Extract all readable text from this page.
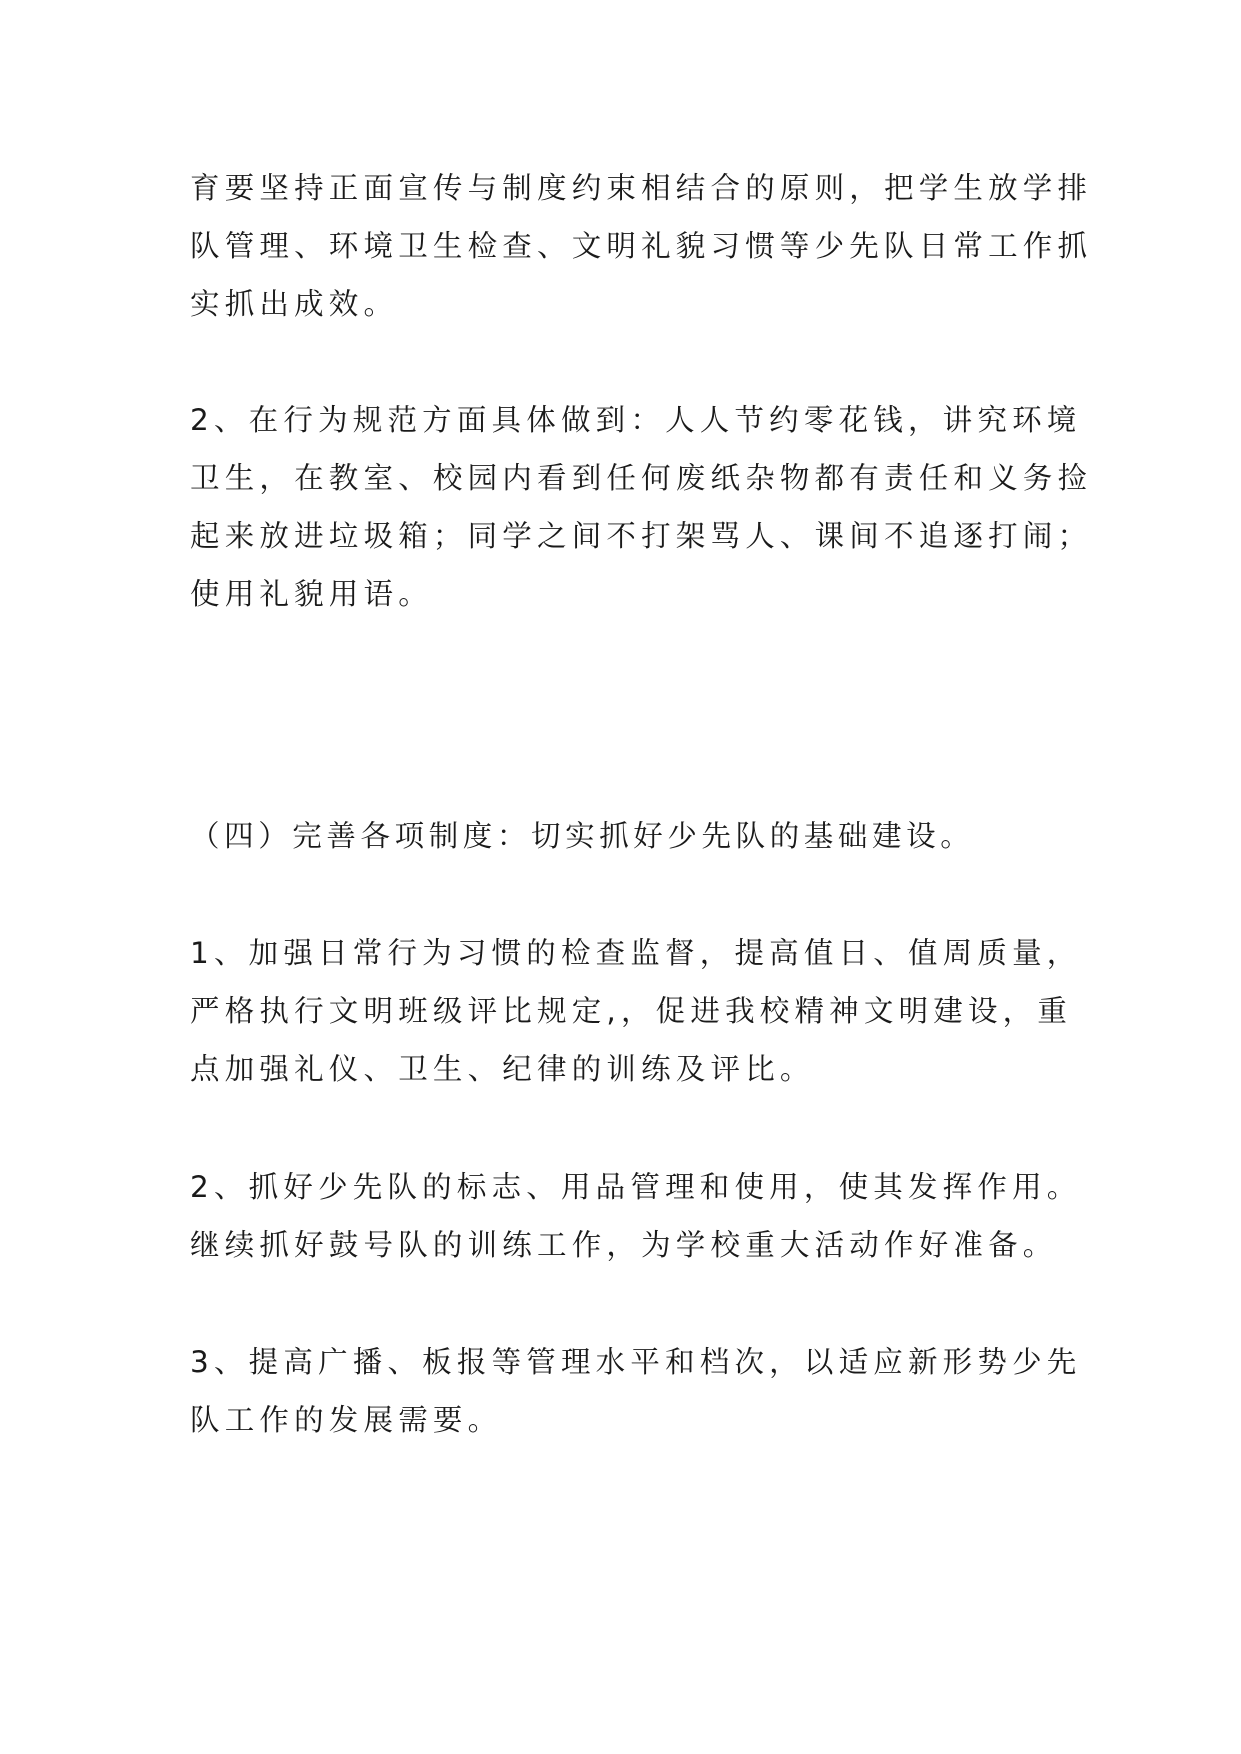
育要坚持正面宣传与制度约束相结合的原则，把学生放学排
队管理、环境卫生检查、文明礼貌习惯等少先队日常工作抓
实抓出成效。

2、在行为规范方面具体做到：人人节约零花钱，讲究环境
卫生，在教室、校园内看到任何废纸杂物都有责任和义务捡
起来放进垃圾箱；同学之间不打架骂人、课间不追逐打闹；
使用礼貌用语。

（四）完善各项制度：切实抓好少先队的基础建设。

1、加强日常行为习惯的检查监督，提高值日、值周质量，
严格执行文明班级评比规定,，促进我校精神文明建设，重
点加强礼仪、卫生、纪律的训练及评比。

2、抓好少先队的标志、用品管理和使用，使其发挥作用。
继续抓好鼓号队的训练工作，为学校重大活动作好准备。

3、提高广播、板报等管理水平和档次，以适应新形势少先
队工作的发展需要。
